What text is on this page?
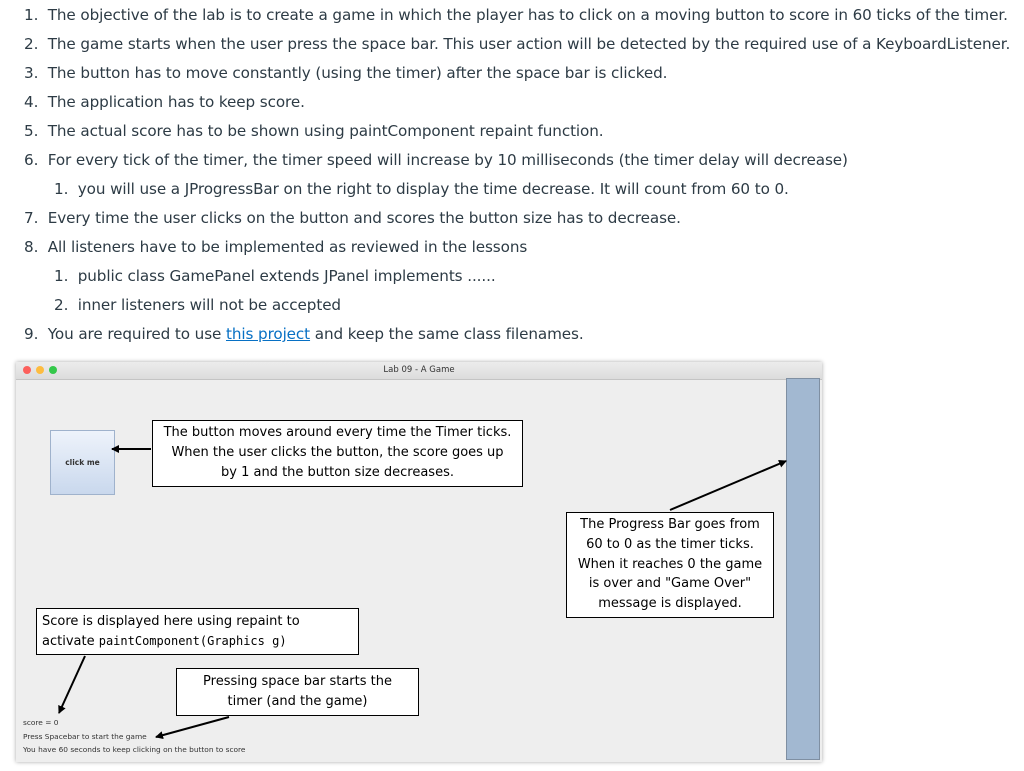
1. The objective of the lab is to create a game in which the player has to click on a moving button to score in 60 ticks of the timer.
2. The game starts when the user press the space bar. This user action will be detected by the required use of a KeyboardListener.
3. The button has to move constantly (using the timer) after the space bar is clicked.
4. The application has to keep score.
5. The actual score has to be shown using paintComponent repaint function.
6. For every tick of the timer, the timer speed will increase by 10 milliseconds (the timer delay will decrease)
1. you will use a JProgressBar on the right to display the time decrease. It will count from 60 to 0.
7. Every time the user clicks on the button and scores the button size has to decrease.
8. All listeners have to be implemented as reviewed in the lessons
1. public class GamePanel extends JPanel implements ......
2. inner listeners will not be accepted
9. You are required to use this project and keep the same class filenames.
Lab 09 - A Game
click me
score = 0
Press Spacebar to start the game
You have 60 seconds to keep clicking on the button to score
The button moves around every time the Timer ticks.
When the user clicks the button, the score goes up
by 1 and the button size decreases.
The Progress Bar goes from
60 to 0 as the timer ticks.
When it reaches 0 the game
is over and "Game Over"
message is displayed.
Score is displayed here using repaint to
activate paintComponent(Graphics g)
Pressing space bar starts the
timer (and the game)
